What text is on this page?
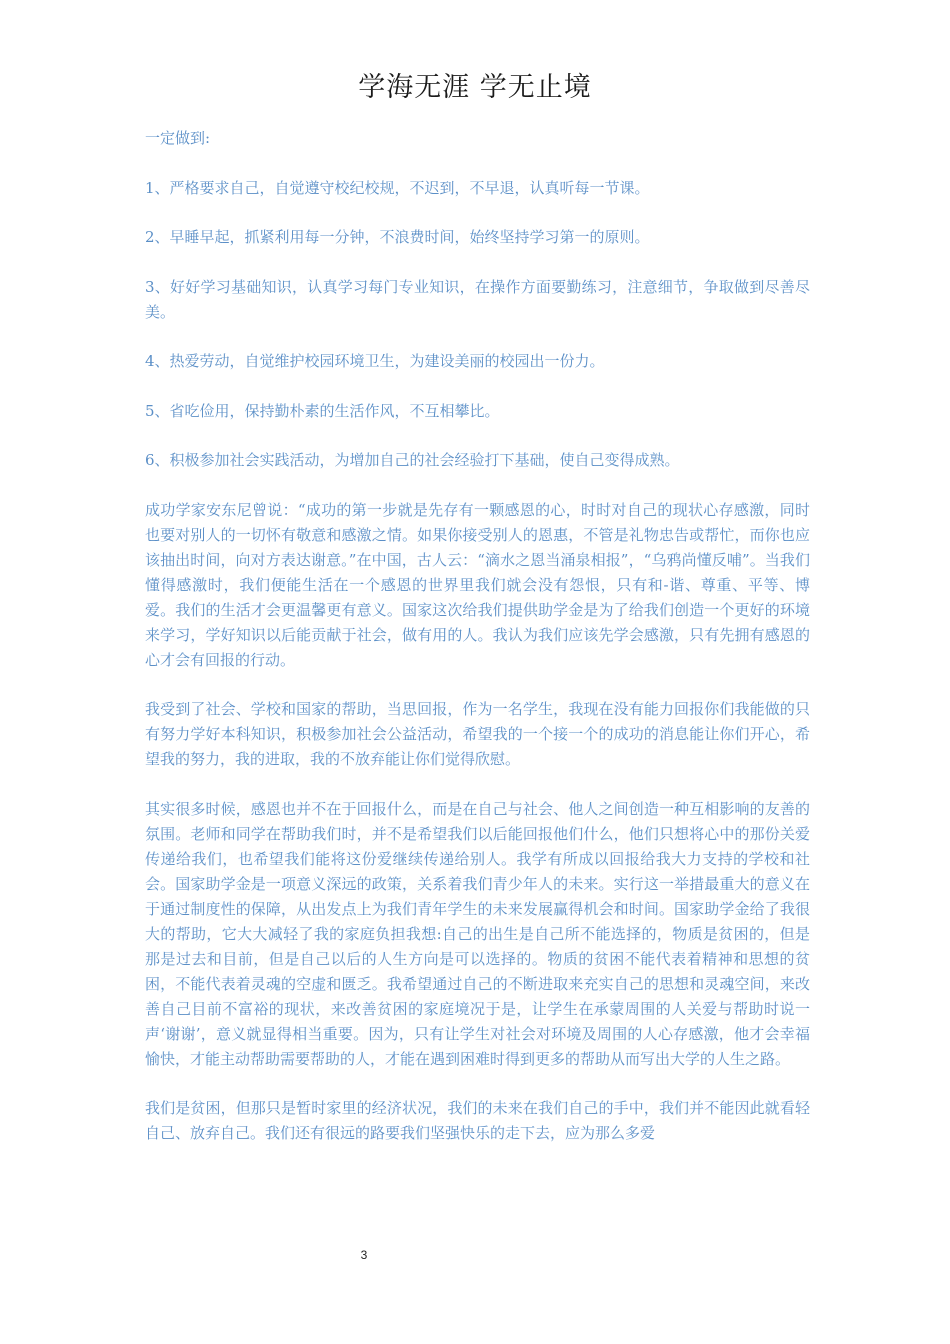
学海无涯 学无止境

一定做到:

1、严格要求自己，自觉遵守校纪校规，不迟到，不早退，认真听每一节课。

2、早睡早起，抓紧利用每一分钟，不浪费时间，始终坚持学习第一的原则。

3、好好学习基础知识，认真学习每门专业知识，在操作方面要勤练习，注意细节，争取做到尽善尽美。

4、热爱劳动，自觉维护校园环境卫生，为建设美丽的校园出一份力。

5、省吃俭用，保持勤朴素的生活作风，不互相攀比。

6、积极参加社会实践活动，为增加自己的社会经验打下基础，使自己变得成熟。

成功学家安东尼曾说：“成功的第一步就是先存有一颗感恩的心，时时对自己的现状心存感激，同时也要对别人的一切怀有敬意和感激之情。如果你接受别人的恩惠，不管是礼物忠告或帮忙，而你也应该抽出时间，向对方表达谢意。”在中国，古人云：“滴水之恩当涌泉相报”，“乌鸦尚懂反哺”。当我们懂得感激时，我们便能生活在一个感恩的世界里我们就会没有怨恨，只有和-谐、尊重、平等、博爱。我们的生活才会更温馨更有意义。国家这次给我们提供助学金是为了给我们创造一个更好的环境来学习，学好知识以后能贡献于社会，做有用的人。我认为我们应该先学会感激，只有先拥有感恩的心才会有回报的行动。

我受到了社会、学校和国家的帮助，当思回报，作为一名学生，我现在没有能力回报你们我能做的只有努力学好本科知识，积极参加社会公益活动，希望我的一个接一个的成功的消息能让你们开心，希望我的努力，我的进取，我的不放弃能让你们觉得欣慰。

其实很多时候，感恩也并不在于回报什么，而是在自己与社会、他人之间创造一种互相影响的友善的氛围。老师和同学在帮助我们时，并不是希望我们以后能回报他们什么，他们只想将心中的那份关爱传递给我们，也希望我们能将这份爱继续传递给别人。我学有所成以回报给我大力支持的学校和社会。国家助学金是一项意义深远的政策，关系着我们青少年人的未来。实行这一举措最重大的意义在于通过制度性的保障，从出发点上为我们青年学生的未来发展赢得机会和时间。国家助学金给了我很大的帮助，它大大减轻了我的家庭负担我想:自己的出生是自己所不能选择的，物质是贫困的，但是那是过去和目前，但是自己以后的人生方向是可以选择的。物质的贫困不能代表着精神和思想的贫困，不能代表着灵魂的空虚和匮乏。我希望通过自己的不断进取来充实自己的思想和灵魂空间，来改善自己目前不富裕的现状，来改善贫困的家庭境况于是，让学生在承蒙周围的人关爱与帮助时说一声‘谢谢’，意义就显得相当重要。因为，只有让学生对社会对环境及周围的人心存感激，他才会幸福愉快，才能主动帮助需要帮助的人，才能在遇到困难时得到更多的帮助从而写出大学的人生之路。

我们是贫困，但那只是暂时家里的经济状况，我们的未来在我们自己的手中，我们并不能因此就看轻自己、放弃自己。我们还有很远的路要我们坚强快乐的走下去，应为那么多爱

3
